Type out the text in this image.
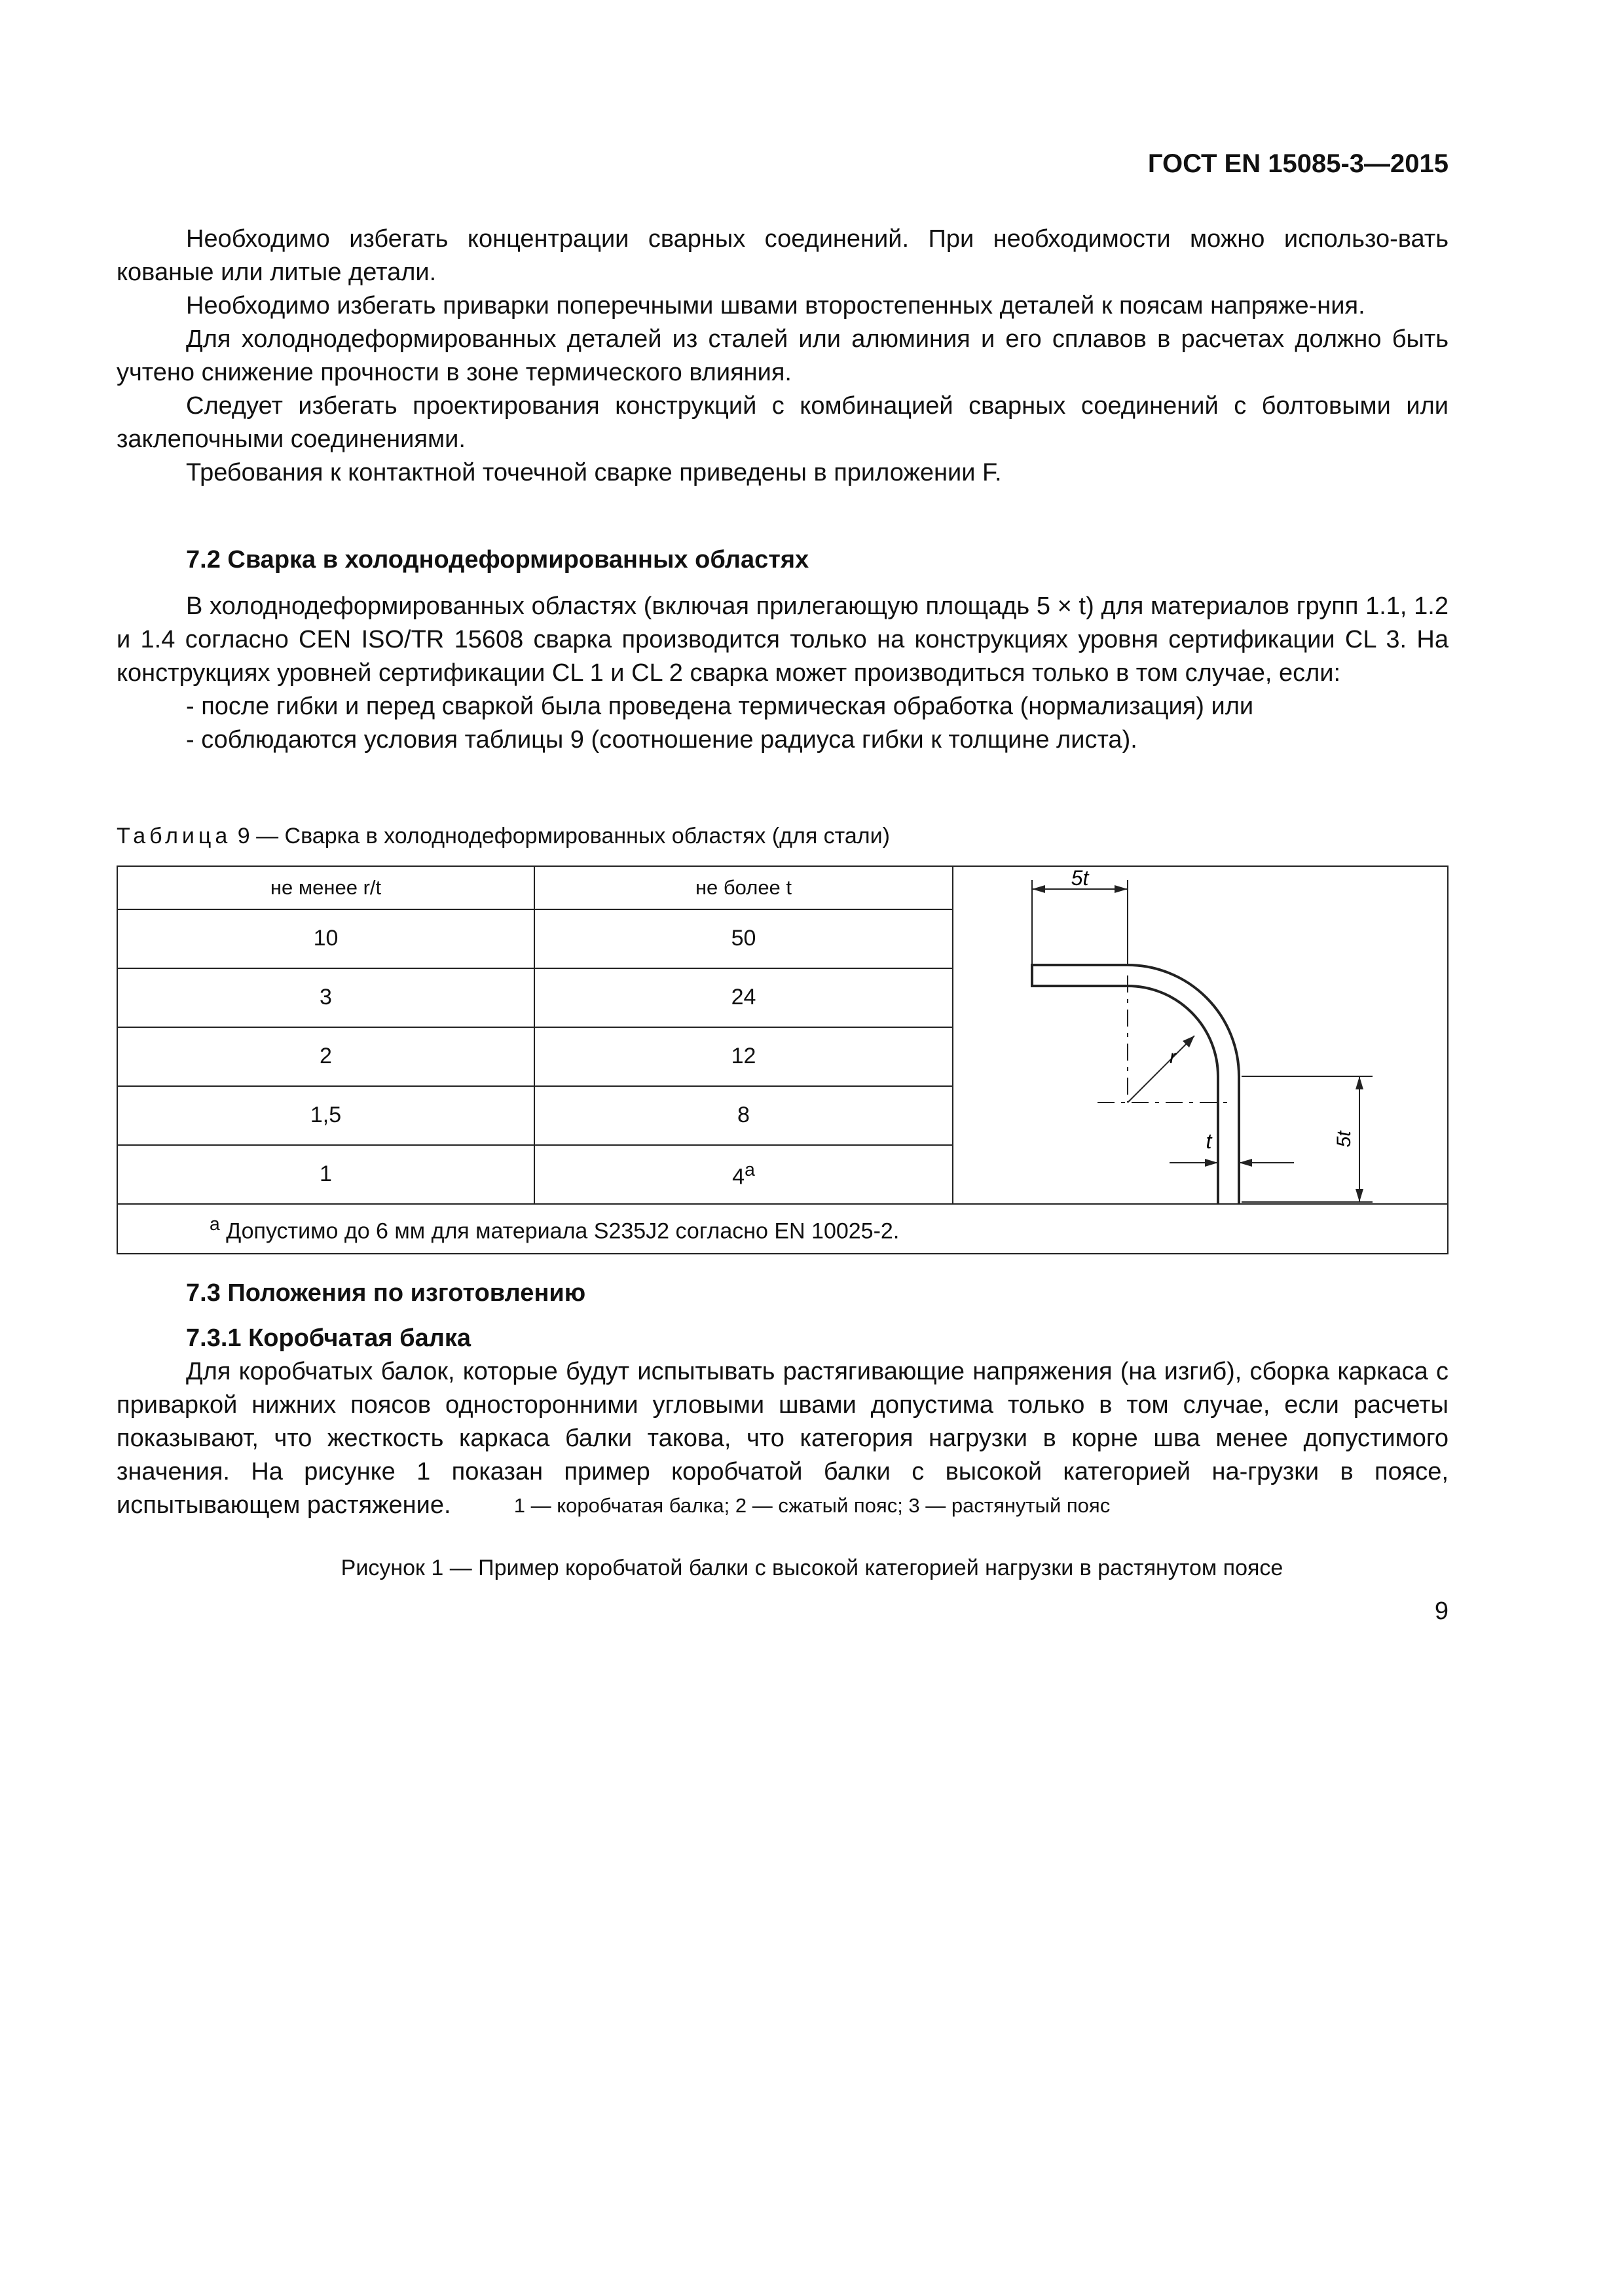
ГОСТ EN 15085-3—2015

Необходимо избегать концентрации сварных соединений. При необходимости можно использо-вать кованые или литые детали.

Необходимо избегать приварки поперечными швами второстепенных деталей к поясам напряже-ния.

Для холоднодеформированных деталей из сталей или алюминия и его сплавов в расчетах должно быть учтено снижение прочности в зоне термического влияния.

Следует избегать проектирования конструкций с комбинацией сварных соединений с болтовыми или заклепочными соединениями.

Требования к контактной точечной сварке приведены в приложении F.

7.2 Сварка в холоднодеформированных областях

В холоднодеформированных областях (включая прилегающую площадь 5 × t) для материалов групп 1.1, 1.2 и 1.4 согласно CEN ISO/TR 15608 сварка производится только на конструкциях уровня сертификации CL 3. На конструкциях уровней сертификации CL 1 и CL 2 сварка может производиться только в том случае, если:

- после гибки и перед сваркой была проведена термическая обработка (нормализация) или

- соблюдаются условия таблицы 9 (соотношение радиуса гибки к толщине листа).

Таблица 9 — Сварка в холоднодеформированных областях (для стали)
не менее r/t	не более t	5t
r
t 5t

10	50	
3	24	
2	12	
1,5	8	
1	4$^a$
$^a$ Допустимо до 6 мм для материала S235J2 согласно EN 10025-2.		

7.3 Положения по изготовлению

7.3.1 Коробчатая балка

Для коробчатых балок, которые будут испытывать растягивающие напряжения (на изгиб), сборка каркаса с приваркой нижних поясов односторонними угловыми швами допустима только в том случае, если расчеты показывают, что жесткость каркаса балки такова, что категория нагрузки в корне шва менее допустимого значения. На рисунке 1 показан пример коробчатой балки с высокой категорией на-грузки в поясе, испытывающем растяжение.	1 — коробчатая балка; 2 — сжатый пояс; 3 — растянутый пояс
Рисунок 1 — Пример коробчатой балки с высокой категорией нагрузки в растянутом поясе
9
